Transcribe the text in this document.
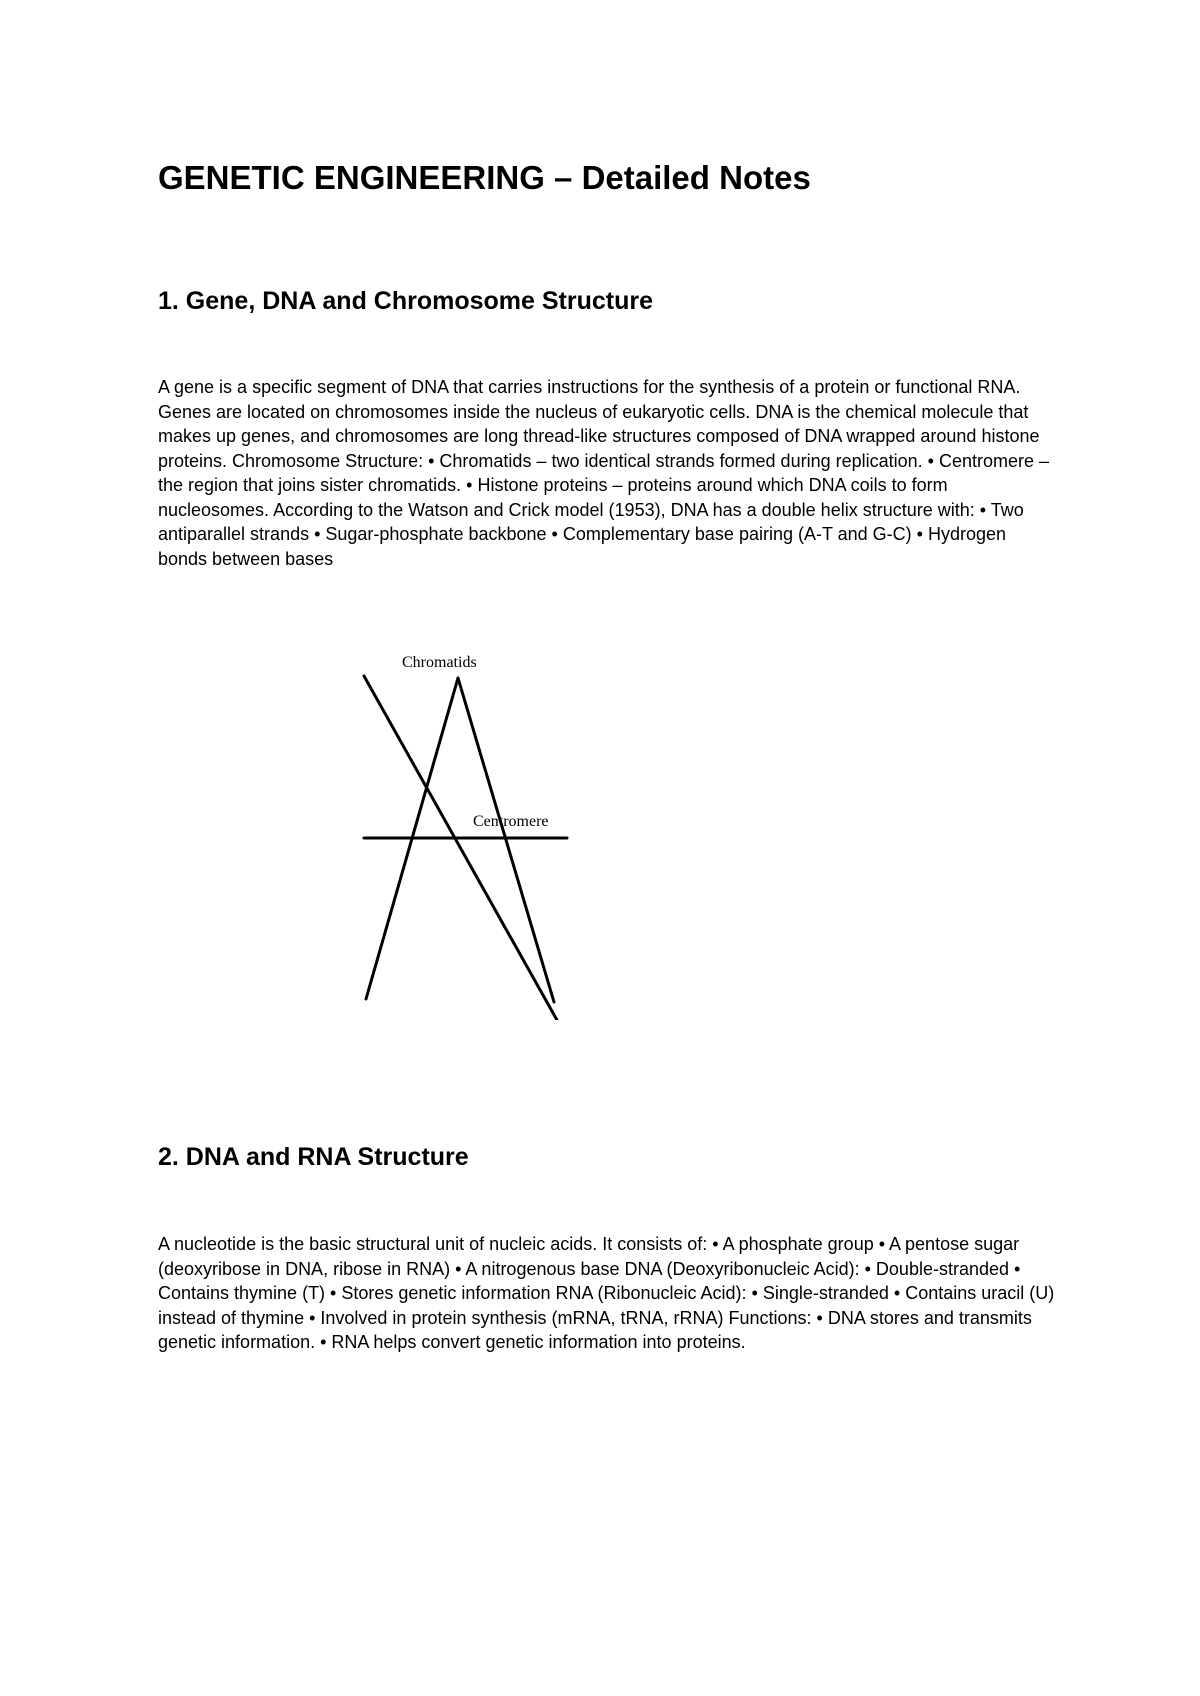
GENETIC ENGINEERING – Detailed Notes
1. Gene, DNA and Chromosome Structure

A gene is a specific segment of DNA that carries instructions for the synthesis of a protein or functional RNA. Genes are located on chromosomes inside the nucleus of eukaryotic cells. DNA is the chemical molecule that makes up genes, and chromosomes are long thread-like structures composed of DNA wrapped around histone proteins. Chromosome Structure: • Chromatids – two identical strands formed during replication. • Centromere – the region that joins sister chromatids. • Histone proteins – proteins around which DNA coils to form nucleosomes. According to the Watson and Crick model (1953), DNA has a double helix structure with: • Two antiparallel strands • Sugar-phosphate backbone • Complementary base pairing (A-T and G-C) • Hydrogen bonds between bases

Chromatids
Centromere
2. DNA and RNA Structure

A nucleotide is the basic structural unit of nucleic acids. It consists of: • A phosphate group • A pentose sugar (deoxyribose in DNA, ribose in RNA) • A nitrogenous base DNA (Deoxyribonucleic Acid): • Double-stranded • Contains thymine (T) • Stores genetic information RNA (Ribonucleic Acid): • Single-stranded • Contains uracil (U) instead of thymine • Involved in protein synthesis (mRNA, tRNA, rRNA) Functions: • DNA stores and transmits genetic information. • RNA helps convert genetic information into proteins.
